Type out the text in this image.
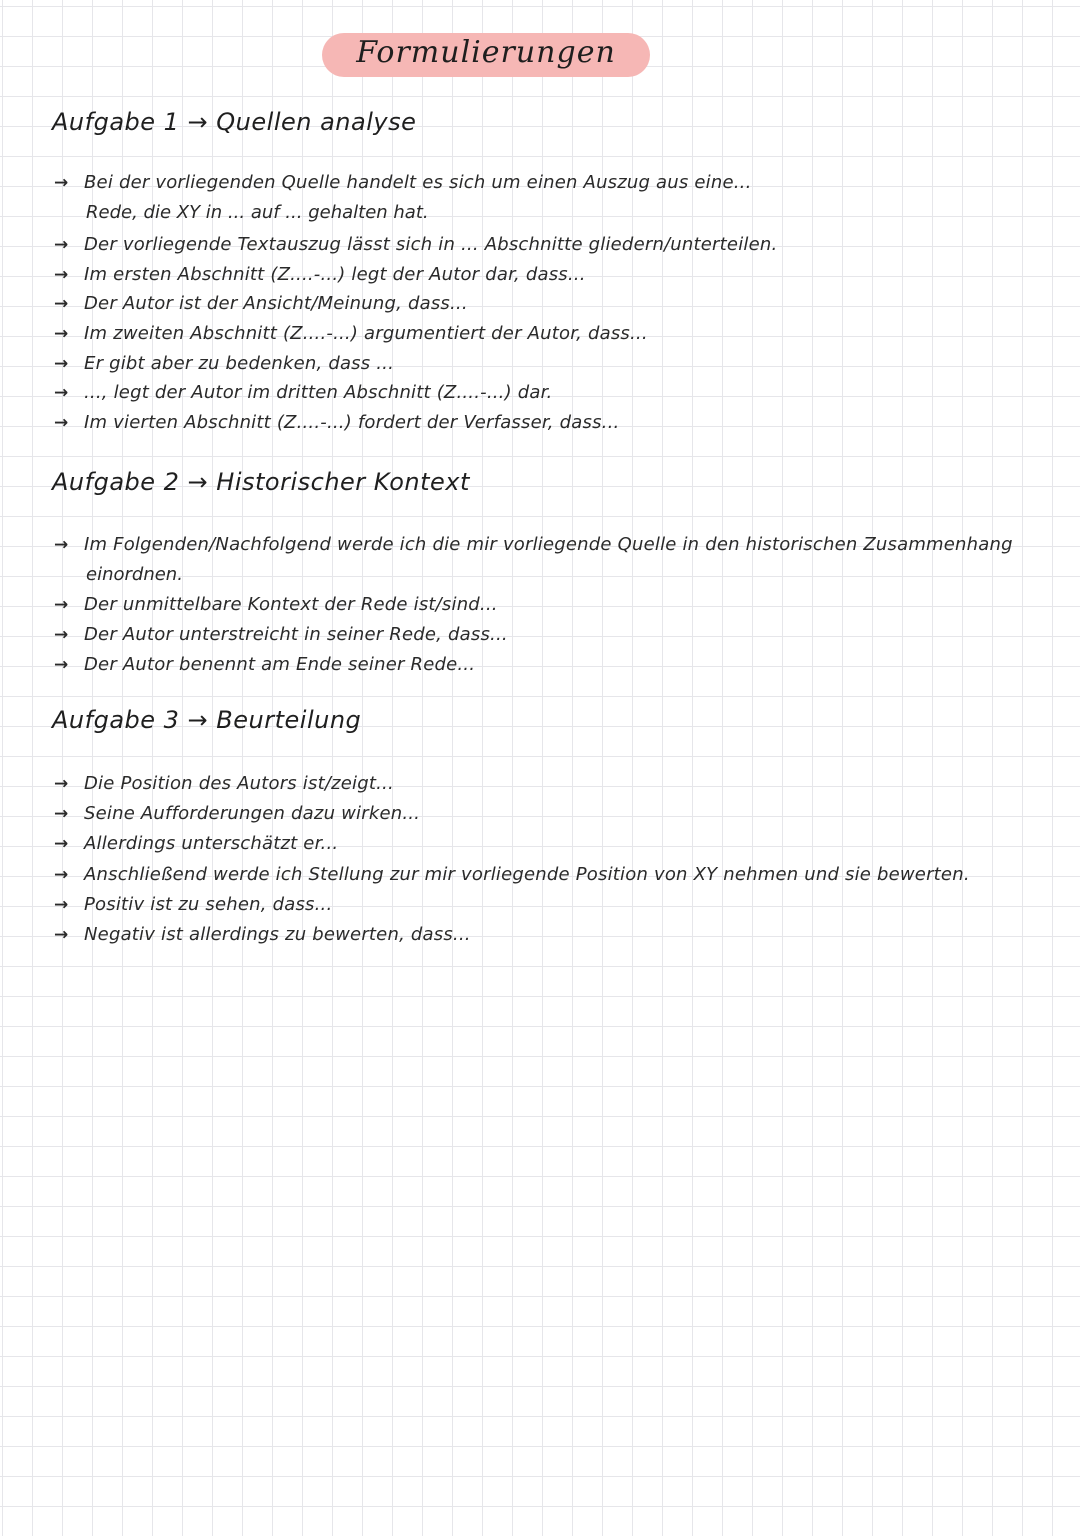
Formulierungen
Aufgabe 1 → Quellen analyse
→ Bei der vorliegenden Quelle handelt es sich um einen Auszug aus eine...
Rede, die XY in ... auf ... gehalten hat.
→ Der vorliegende Textauszug lässt sich in ... Abschnitte gliedern/unterteilen.
→ Im ersten Abschnitt (Z....-...) legt der Autor dar, dass...
→ Der Autor ist der Ansicht/Meinung, dass...
→ Im zweiten Abschnitt (Z....-...) argumentiert der Autor, dass...
→ Er gibt aber zu bedenken, dass ...
→ ..., legt der Autor im dritten Abschnitt (Z....-...) dar.
→ Im vierten Abschnitt (Z....-...) fordert der Verfasser, dass...
Aufgabe 2 → Historischer Kontext
→ Im Folgenden/Nachfolgend werde ich die mir vorliegende Quelle in den historischen Zusammenhang
einordnen.
→ Der unmittelbare Kontext der Rede ist/sind...
→ Der Autor unterstreicht in seiner Rede, dass...
→ Der Autor benennt am Ende seiner Rede...
Aufgabe 3 → Beurteilung
→ Die Position des Autors ist/zeigt...
→ Seine Aufforderungen dazu wirken...
→ Allerdings unterschätzt er...
→ Anschließend werde ich Stellung zur mir vorliegende Position von XY nehmen und sie bewerten.
→ Positiv ist zu sehen, dass...
→ Negativ ist allerdings zu bewerten, dass...
